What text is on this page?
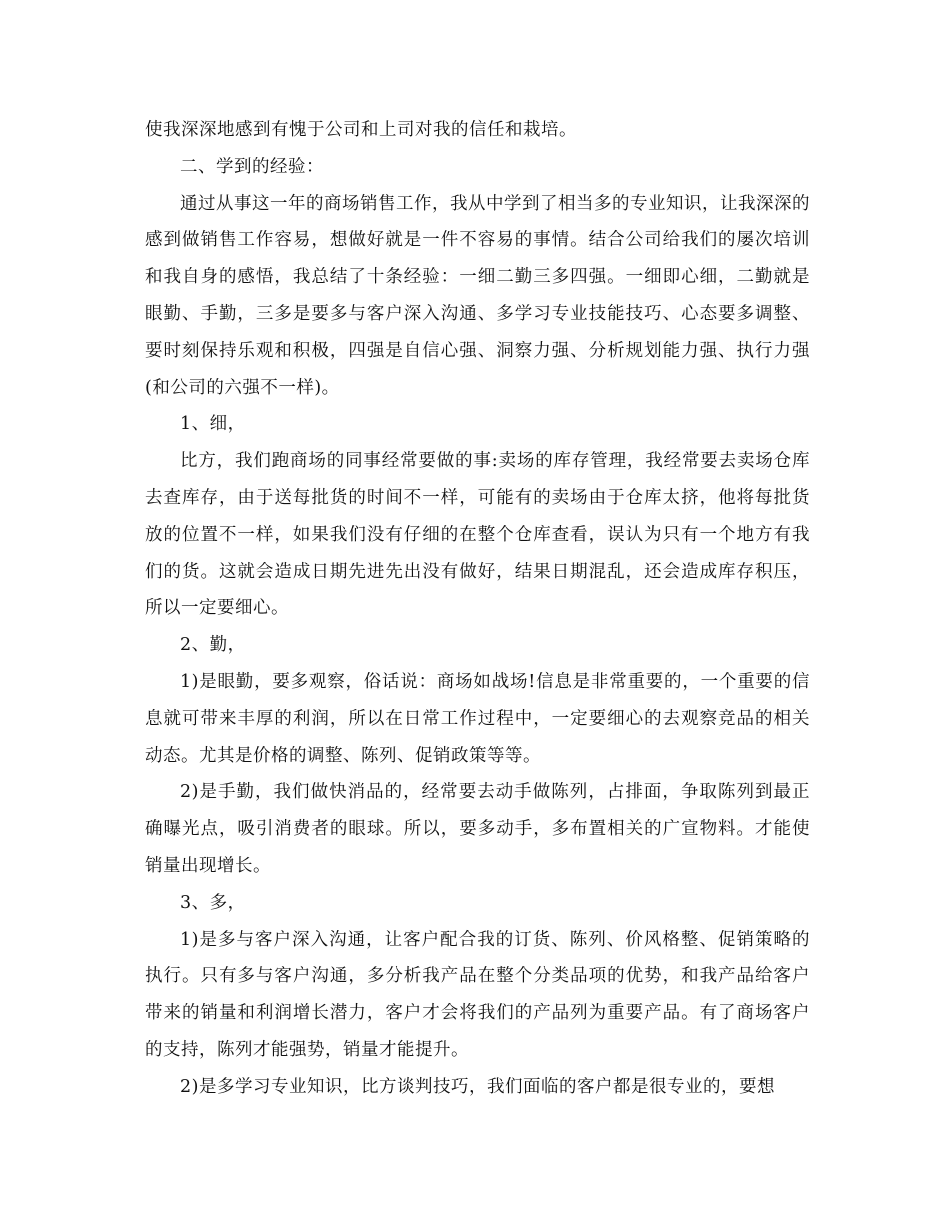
使我深深地感到有愧于公司和上司对我的信任和栽培。

二、学到的经验：

通过从事这一年的商场销售工作，我从中学到了相当多的专业知识，让我深深的感到做销售工作容易，想做好就是一件不容易的事情。结合公司给我们的屡次培训和我自身的感悟，我总结了十条经验：一细二勤三多四强。一细即心细，二勤就是眼勤、手勤，三多是要多与客户深入沟通、多学习专业技能技巧、心态要多调整、要时刻保持乐观和积极，四强是自信心强、洞察力强、分析规划能力强、执行力强(和公司的六强不一样)。

1、细，

比方，我们跑商场的同事经常要做的事:卖场的库存管理，我经常要去卖场仓库去查库存，由于送每批货的时间不一样，可能有的卖场由于仓库太挤，他将每批货放的位置不一样，如果我们没有仔细的在整个仓库查看，误认为只有一个地方有我们的货。这就会造成日期先进先出没有做好，结果日期混乱，还会造成库存积压，所以一定要细心。

2、勤，

1)是眼勤，要多观察，俗话说：商场如战场!信息是非常重要的，一个重要的信息就可带来丰厚的利润，所以在日常工作过程中，一定要细心的去观察竞品的相关动态。尤其是价格的调整、陈列、促销政策等等。

2)是手勤，我们做快消品的，经常要去动手做陈列，占排面，争取陈列到最正确曝光点，吸引消费者的眼球。所以，要多动手，多布置相关的广宣物料。才能使销量出现增长。

3、多，

1)是多与客户深入沟通，让客户配合我的订货、陈列、价风格整、促销策略的执行。只有多与客户沟通，多分析我产品在整个分类品项的优势，和我产品给客户带来的销量和利润增长潜力，客户才会将我们的产品列为重要产品。有了商场客户的支持，陈列才能强势，销量才能提升。

2)是多学习专业知识，比方谈判技巧，我们面临的客户都是很专业的，要想
